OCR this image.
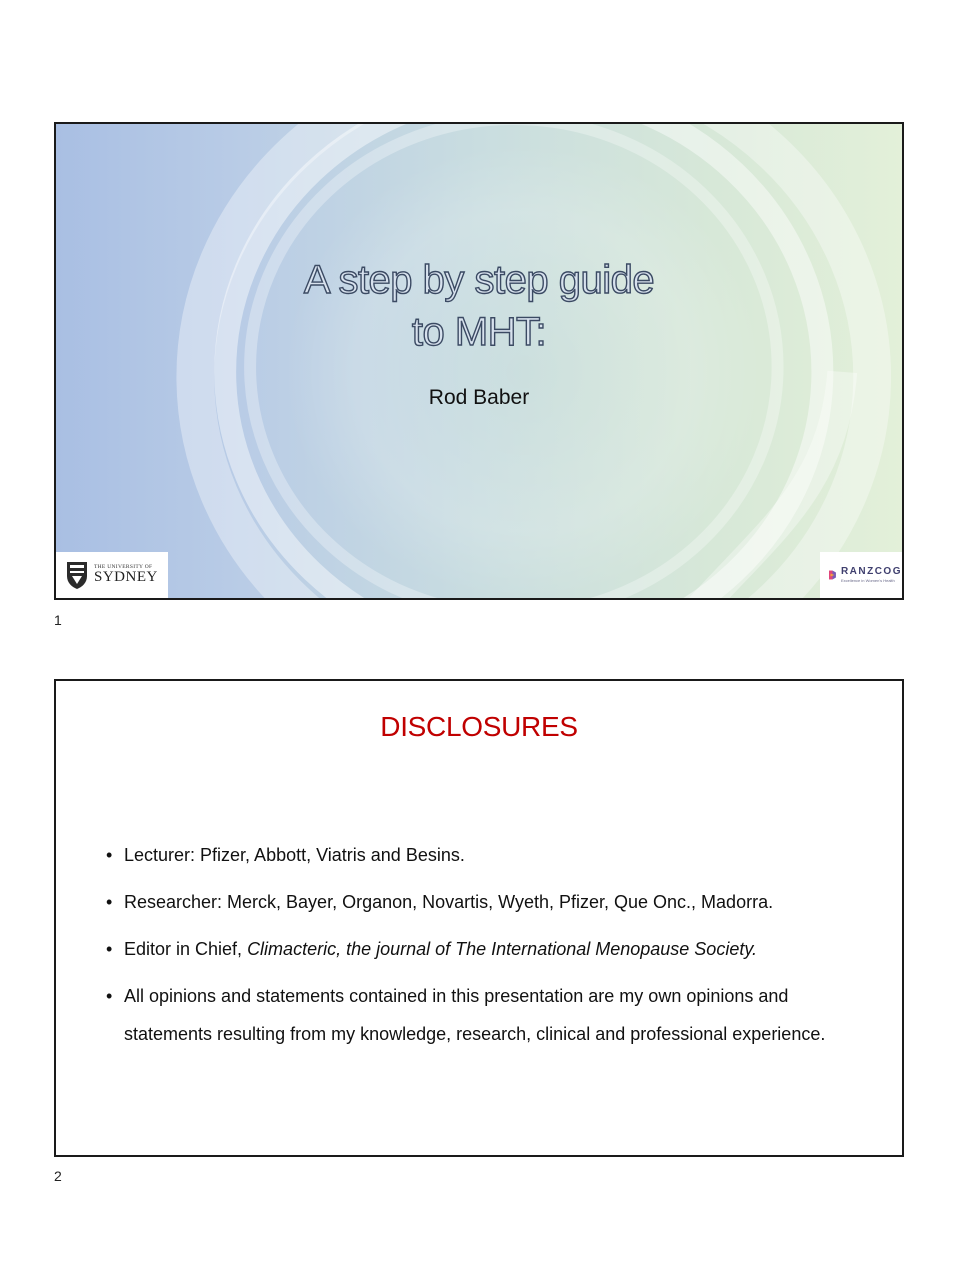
A step by step guide
to MHT:
Rod Baber
THE UNIVERSITY OF
SYDNEY	RANZCOG
Excellence in Women's Health
1
DISCLOSURES
• Lecturer: Pfizer, Abbott, Viatris and Besins.
• Researcher: Merck, Bayer, Organon, Novartis, Wyeth, Pfizer, Que Onc., Madorra.
• Editor in Chief, Climacteric, the journal of The International Menopause Society.
• All opinions and statements contained in this presentation are my own opinions and statements resulting from my knowledge, research, clinical and professional experience.
2
